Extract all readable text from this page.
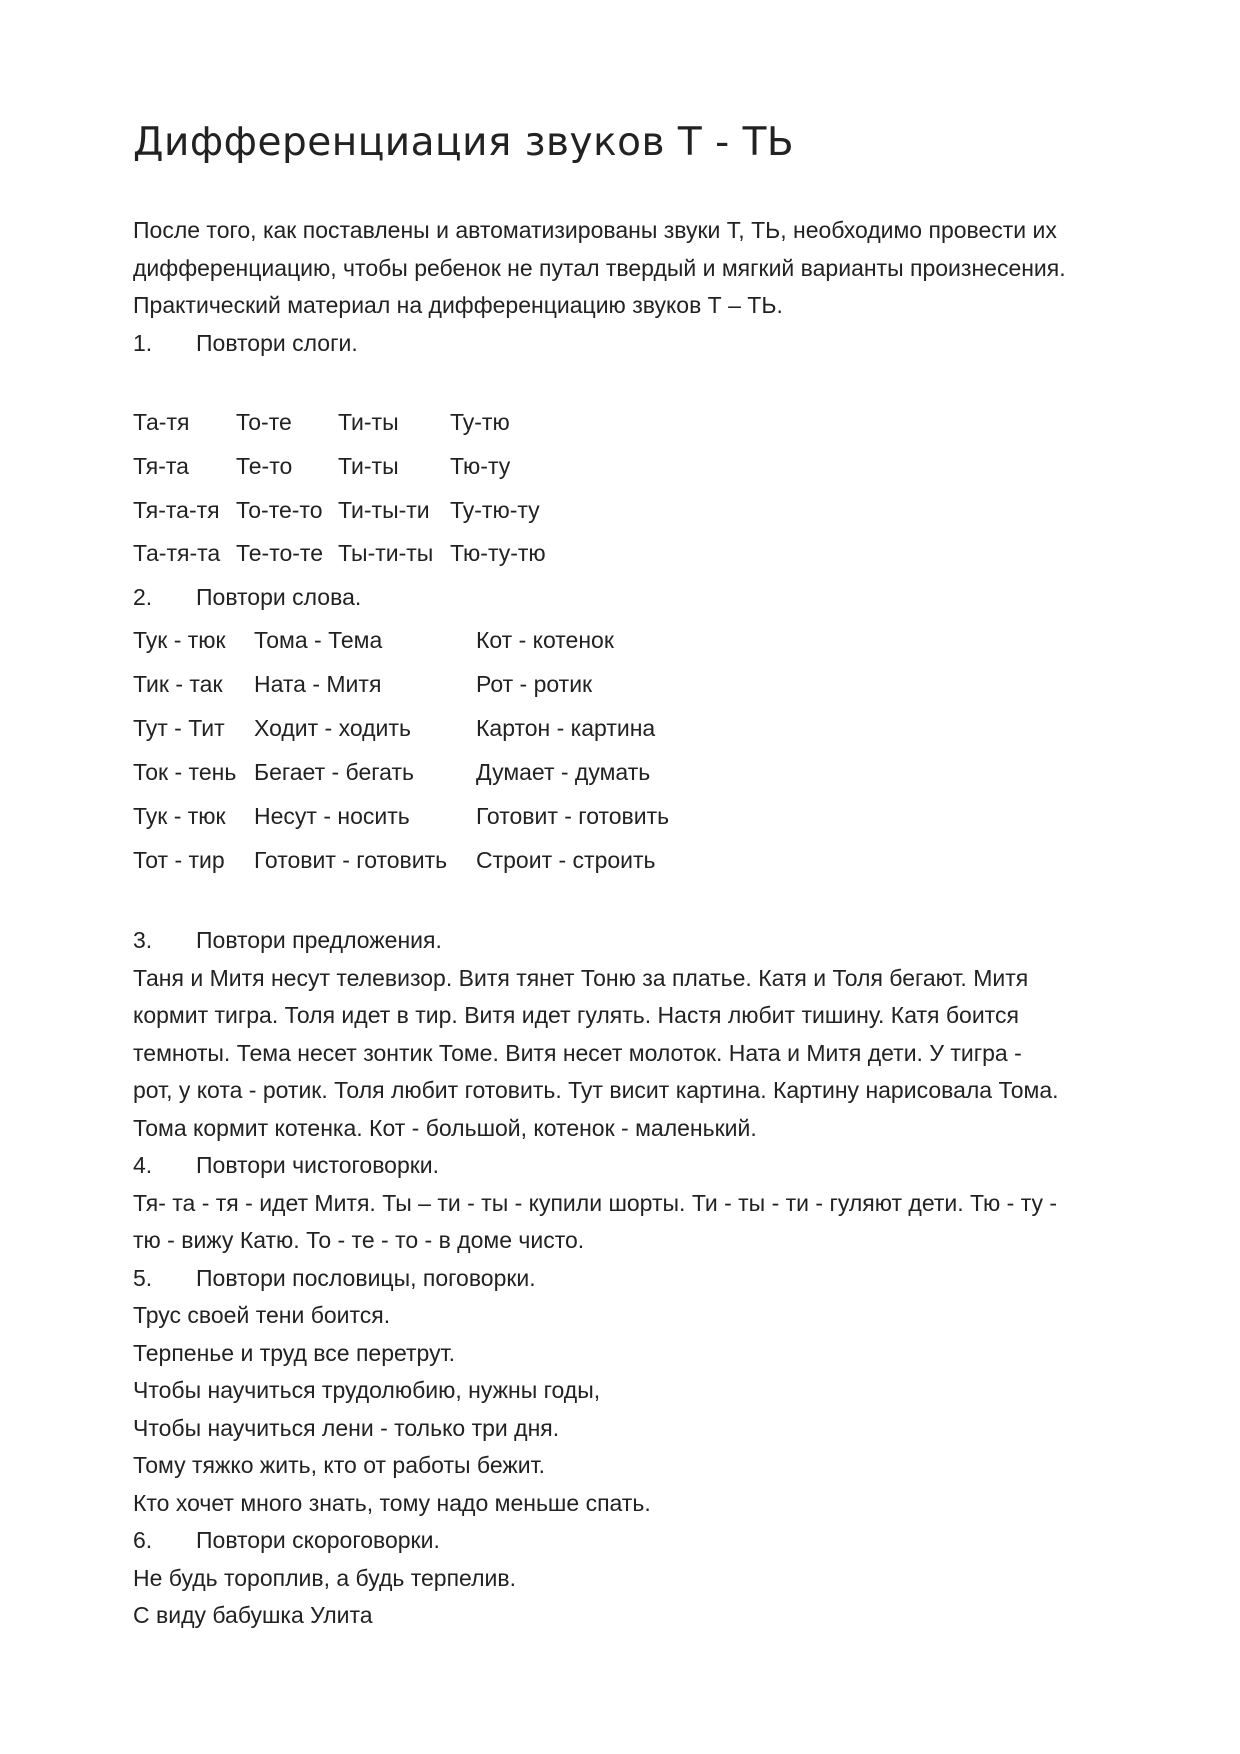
Дифференциация звуков Т - ТЬ

После того, как поставлены и автоматизированы звуки Т, ТЬ, необходимо провести их

дифференциацию, чтобы ребенок не путал твердый и мягкий варианты произнесения.

Практический материал на дифференциацию звуков Т – ТЬ.

1. Повтори слоги.
Та-тя То-те Ти-ты Ту-тю
Тя-та Те-то Ти-ты Тю-ту
Тя-та-тя То-те-то Ти-ты-ти Ту-тю-ту
Та-тя-та Те-то-те Ты-ти-ты Тю-ту-тю
2. Повтори слова.
Тук - тюк Тома - Тема	Кот - котенок
Тик - так Ната - Митя	Рот - ротик
Тут - Тит Ходит - ходить	Картон - картина
Ток - тень Бегает - бегать	Думает - думать
Тук - тюк Несут - носить	Готовит - готовить
Тот - тир Готовит - готовить Строит - строить
3. Повтори предложения.

Таня и Митя несут телевизор. Витя тянет Тоню за платье. Катя и Толя бегают. Митя

кормит тигра. Толя идет в тир. Витя идет гулять. Настя любит тишину. Катя боится

темноты. Тема несет зонтик Томе. Витя несет молоток. Ната и Митя дети. У тигра -

рот, у кота - ротик. Толя любит готовить. Тут висит картина. Картину нарисовала Тома.

Тома кормит котенка. Кот - большой, котенок - маленький.

4. Повтори чистоговорки.

Тя- та - тя - идет Митя. Ты – ти - ты - купили шорты. Ти - ты - ти - гуляют дети. Тю - ту -

тю - вижу Катю. То - те - то - в доме чисто.

5. Повтори пословицы, поговорки.

Трус своей тени боится.

Терпенье и труд все перетрут.

Чтобы научиться трудолюбию, нужны годы,

Чтобы научиться лени - только три дня.

Тому тяжко жить, кто от работы бежит.

Кто хочет много знать, тому надо меньше спать.

6. Повтори скороговорки.

Не будь тороплив, а будь терпелив.

С виду бабушка Улита
